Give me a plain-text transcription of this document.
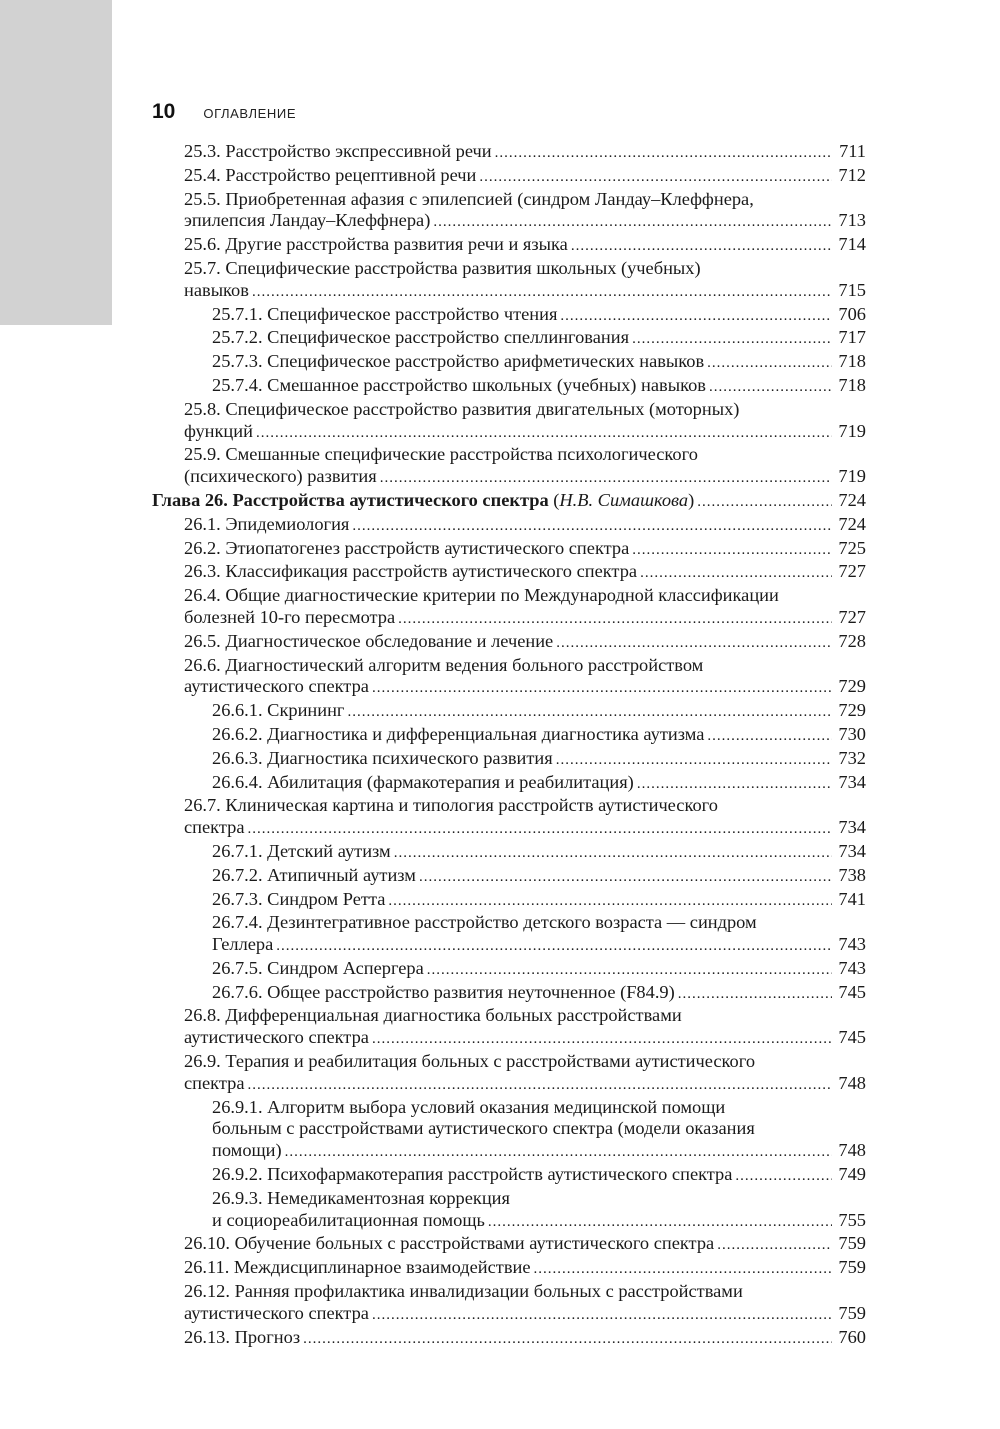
10 ОГЛАВЛЕНИЕ
25.3. Расстройство экспрессивной речи .....	711
25.4. Расстройство рецептивной речи .....	712
25.5. Приобретенная афазия с эпилепсией (синдром Ландау–Клеффнера,
эпилепсия Ландау–Клеффнера) .....	713
25.6. Другие расстройства развития речи и языка .....	714
25.7. Специфические расстройства развития школьных (учебных)
навыков .....	715
25.7.1. Специфическое расстройство чтения .....	706
25.7.2. Специфическое расстройство спеллингования .....	717
25.7.3. Специфическое расстройство арифметических навыков .....	718
25.7.4. Смешанное расстройство школьных (учебных) навыков .....	718
25.8. Специфическое расстройство развития двигательных (моторных)
функций .....	719
25.9. Смешанные специфические расстройства психологического
(психического) развития .....	719
Глава 26. Расстройства аутистического спектра (Н.В. Симашкова) .....	724
26.1. Эпидемиология .....	724
26.2. Этиопатогенез расстройств аутистического спектра .....	725
26.3. Классификация расстройств аутистического спектра .....	727
26.4. Общие диагностические критерии по Международной классификации
болезней 10-го пересмотра .....	727
26.5. Диагностическое обследование и лечение .....	728
26.6. Диагностический алгоритм ведения больного расстройством
аутистического спектра .....	729
26.6.1. Скрининг .....	729
26.6.2. Диагностика и дифференциальная диагностика аутизма .....	730
26.6.3. Диагностика психического развития .....	732
26.6.4. Абилитация (фармакотерапия и реабилитация) .....	734
26.7. Клиническая картина и типология расстройств аутистического
спектра .....	734
26.7.1. Детский аутизм .....	734
26.7.2. Атипичный аутизм .....	738
26.7.3. Синдром Ретта .....	741
26.7.4. Дезинтегративное расстройство детского возраста — синдром
Геллера .....	743
26.7.5. Синдром Аспергера .....	743
26.7.6. Общее расстройство развития неуточненное (F84.9) .....	745
26.8. Дифференциальная диагностика больных расстройствами
аутистического спектра .....	745
26.9. Терапия и реабилитация больных с расстройствами аутистического
спектра .....	748
26.9.1. Алгоритм выбора условий оказания медицинской помощи
больным с расстройствами аутистического спектра (модели оказания
помощи) .....	748
26.9.2. Психофармакотерапия расстройств аутистического спектра .....	749
26.9.3. Немедикаментозная коррекция
и социореабилитационная помощь .....	755
26.10. Обучение больных с расстройствами аутистического спектра .....	759
26.11. Междисциплинарное взаимодействие .....	759
26.12. Ранняя профилактика инвалидизации больных с расстройствами
аутистического спектра .....	759
26.13. Прогноз .....	760
